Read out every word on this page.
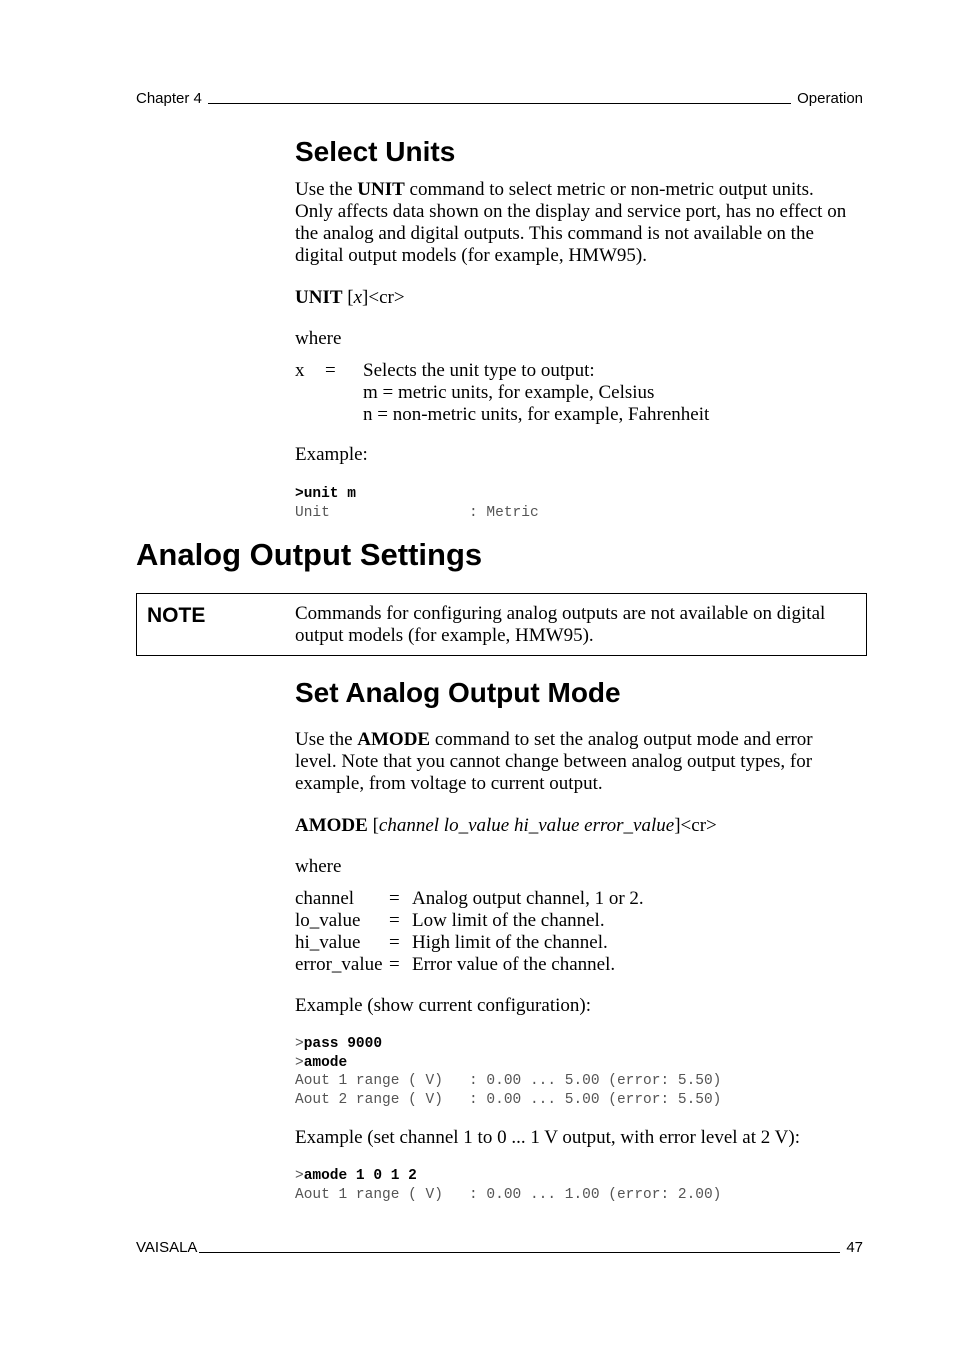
Chapter 4	Operation
Select Units

Use the UNIT command to select metric or non-metric output units.

Only affects data shown on the display and service port, has no effect on

the analog and digital outputs. This command is not available on the

digital output models (for example, HMW95).

UNIT [x]<cr>

where

x	=	Selects the unit type to output:
m = metric units, for example, Celsius
n = non-metric units, for example, Fahrenheit

Example:

>unit m
Unit                : Metric
Analog Output Settings
NOTE	Commands for configuring analog outputs are not available on digital

output models (for example, HMW95).

Set Analog Output Mode

Use the AMODE command to set the analog output mode and error

level. Note that you cannot change between analog output types, for

example, from voltage to current output.

AMODE [channel lo_value hi_value error_value]<cr>

where

channel	= Analog output channel, 1 or 2.
lo_value	= Low limit of the channel.
hi_value	= High limit of the channel.
error_value = Error value of the channel.

Example (show current configuration):

>pass 9000
>amode
Aout 1 range ( V)   : 0.00 ... 5.00 (error: 5.50)
Aout 2 range ( V)   : 0.00 ... 5.00 (error: 5.50)

Example (set channel 1 to 0 ... 1 V output, with error level at 2 V):

>amode 1 0 1 2
Aout 1 range ( V)   : 0.00 ... 1.00 (error: 2.00)
VAISALA	47
